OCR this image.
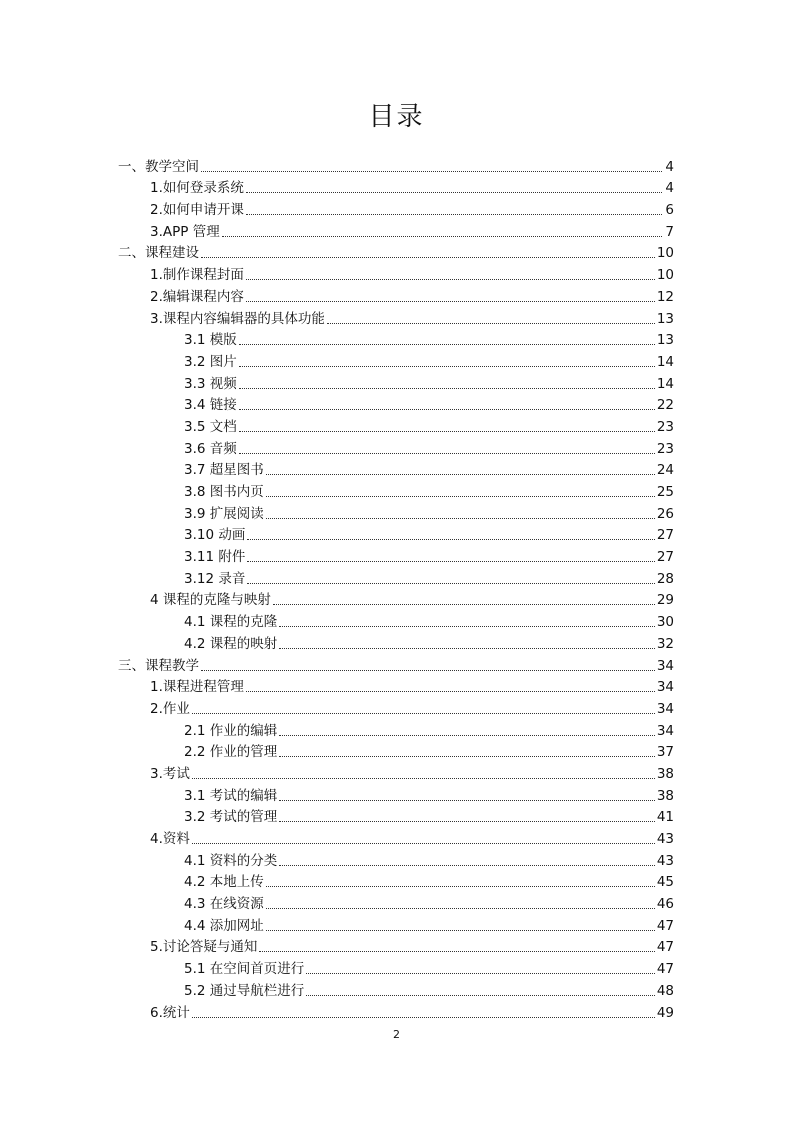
目录
一、教学空间	4
1.如何登录系统	4
2.如何申请开课	6
3.APP 管理	7
二、课程建设	10
1.制作课程封面	10
2.编辑课程内容	12
3.课程内容编辑器的具体功能	13
3.1 模版	13
3.2 图片	14
3.3 视频	14
3.4 链接	22
3.5 文档	23
3.6 音频	23
3.7 超星图书	24
3.8 图书内页	25
3.9 扩展阅读	26
3.10 动画	27
3.11 附件	27
3.12 录音	28
4 课程的克隆与映射	29
4.1 课程的克隆	30
4.2 课程的映射	32
三、课程教学	34
1.课程进程管理	34
2.作业	34
2.1 作业的编辑	34
2.2 作业的管理	37
3.考试	38
3.1 考试的编辑	38
3.2 考试的管理	41
4.资料	43
4.1 资料的分类	43
4.2 本地上传	45
4.3 在线资源	46
4.4 添加网址	47
5.讨论答疑与通知	47
5.1 在空间首页进行	47
5.2 通过导航栏进行	48
6.统计	49
2
